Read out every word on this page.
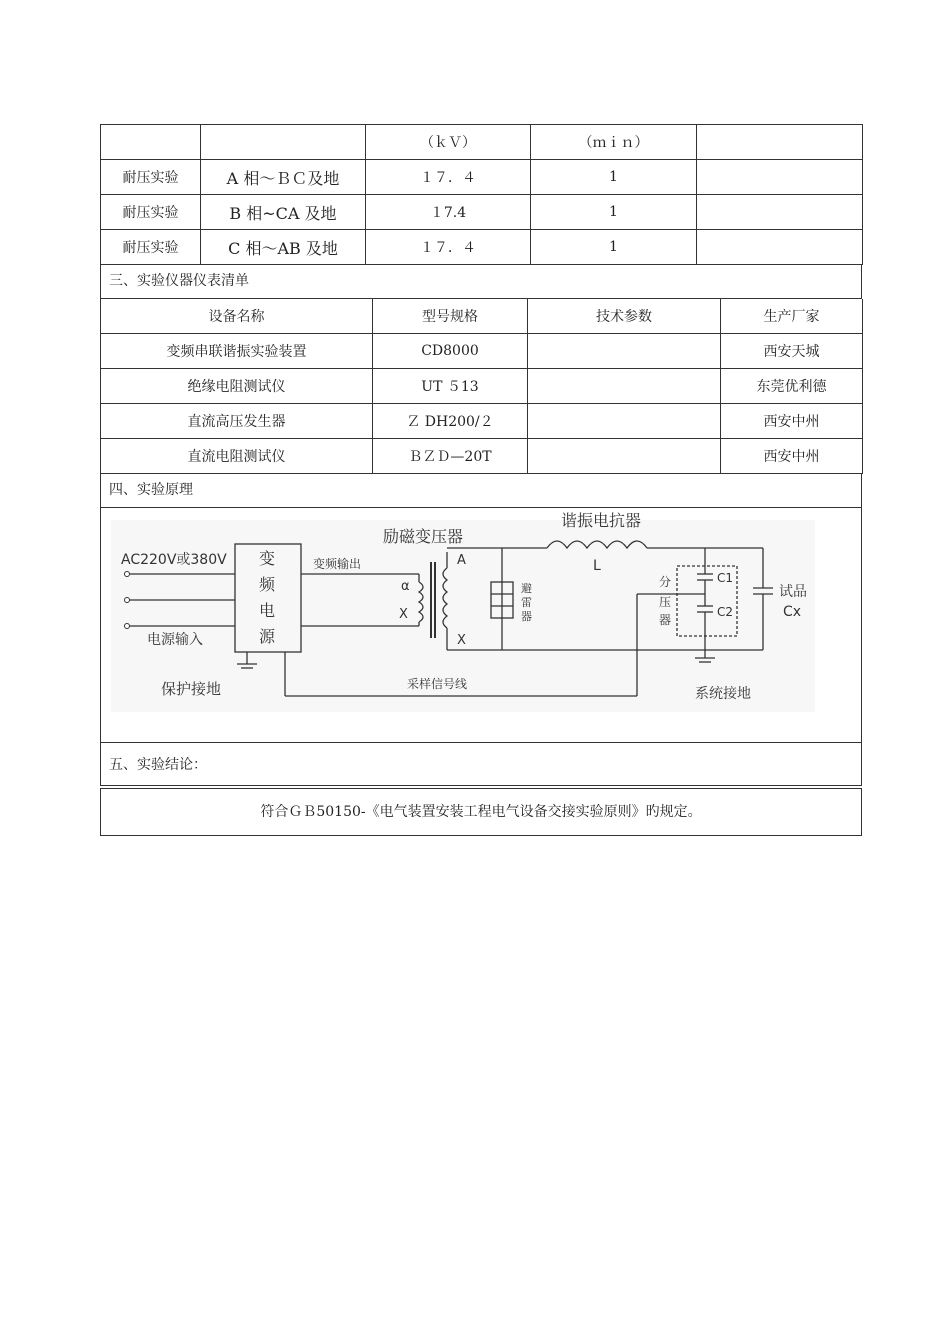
		（ｋＶ）	（ｍｉｎ）	
耐压实验	A 相～ＢＣ及地	１７．４	1	
耐压实验	B 相~CA 及地	１7.4	1	
耐压实验	C 相～AB 及地	１７．４	1	
三、实验仪器仪表清单
设备名称	型号规格	技术参数	生产厂家
变频串联谐振实验装置	CD8000		西安天城
绝缘电阻测试仪	UT ５13		东莞优利德
直流高压发生器	Ｚ DH200/２		西安中州
直流电阻测试仪	ＢＺＤ—20T		西安中州
四、实验原理
AC220V或380V
电源输入
变
频
电
源
变频输出
励磁变压器
α
X
A
X
避
雷
器
谐振电抗器
L
分
压
器
C1
C2
试品
Cx
保护接地	采样信号线
系统接地
五、实验结论：
符合ＧＢ50150-《电气装置安装工程电气设备交接实验原则》旳规定。
